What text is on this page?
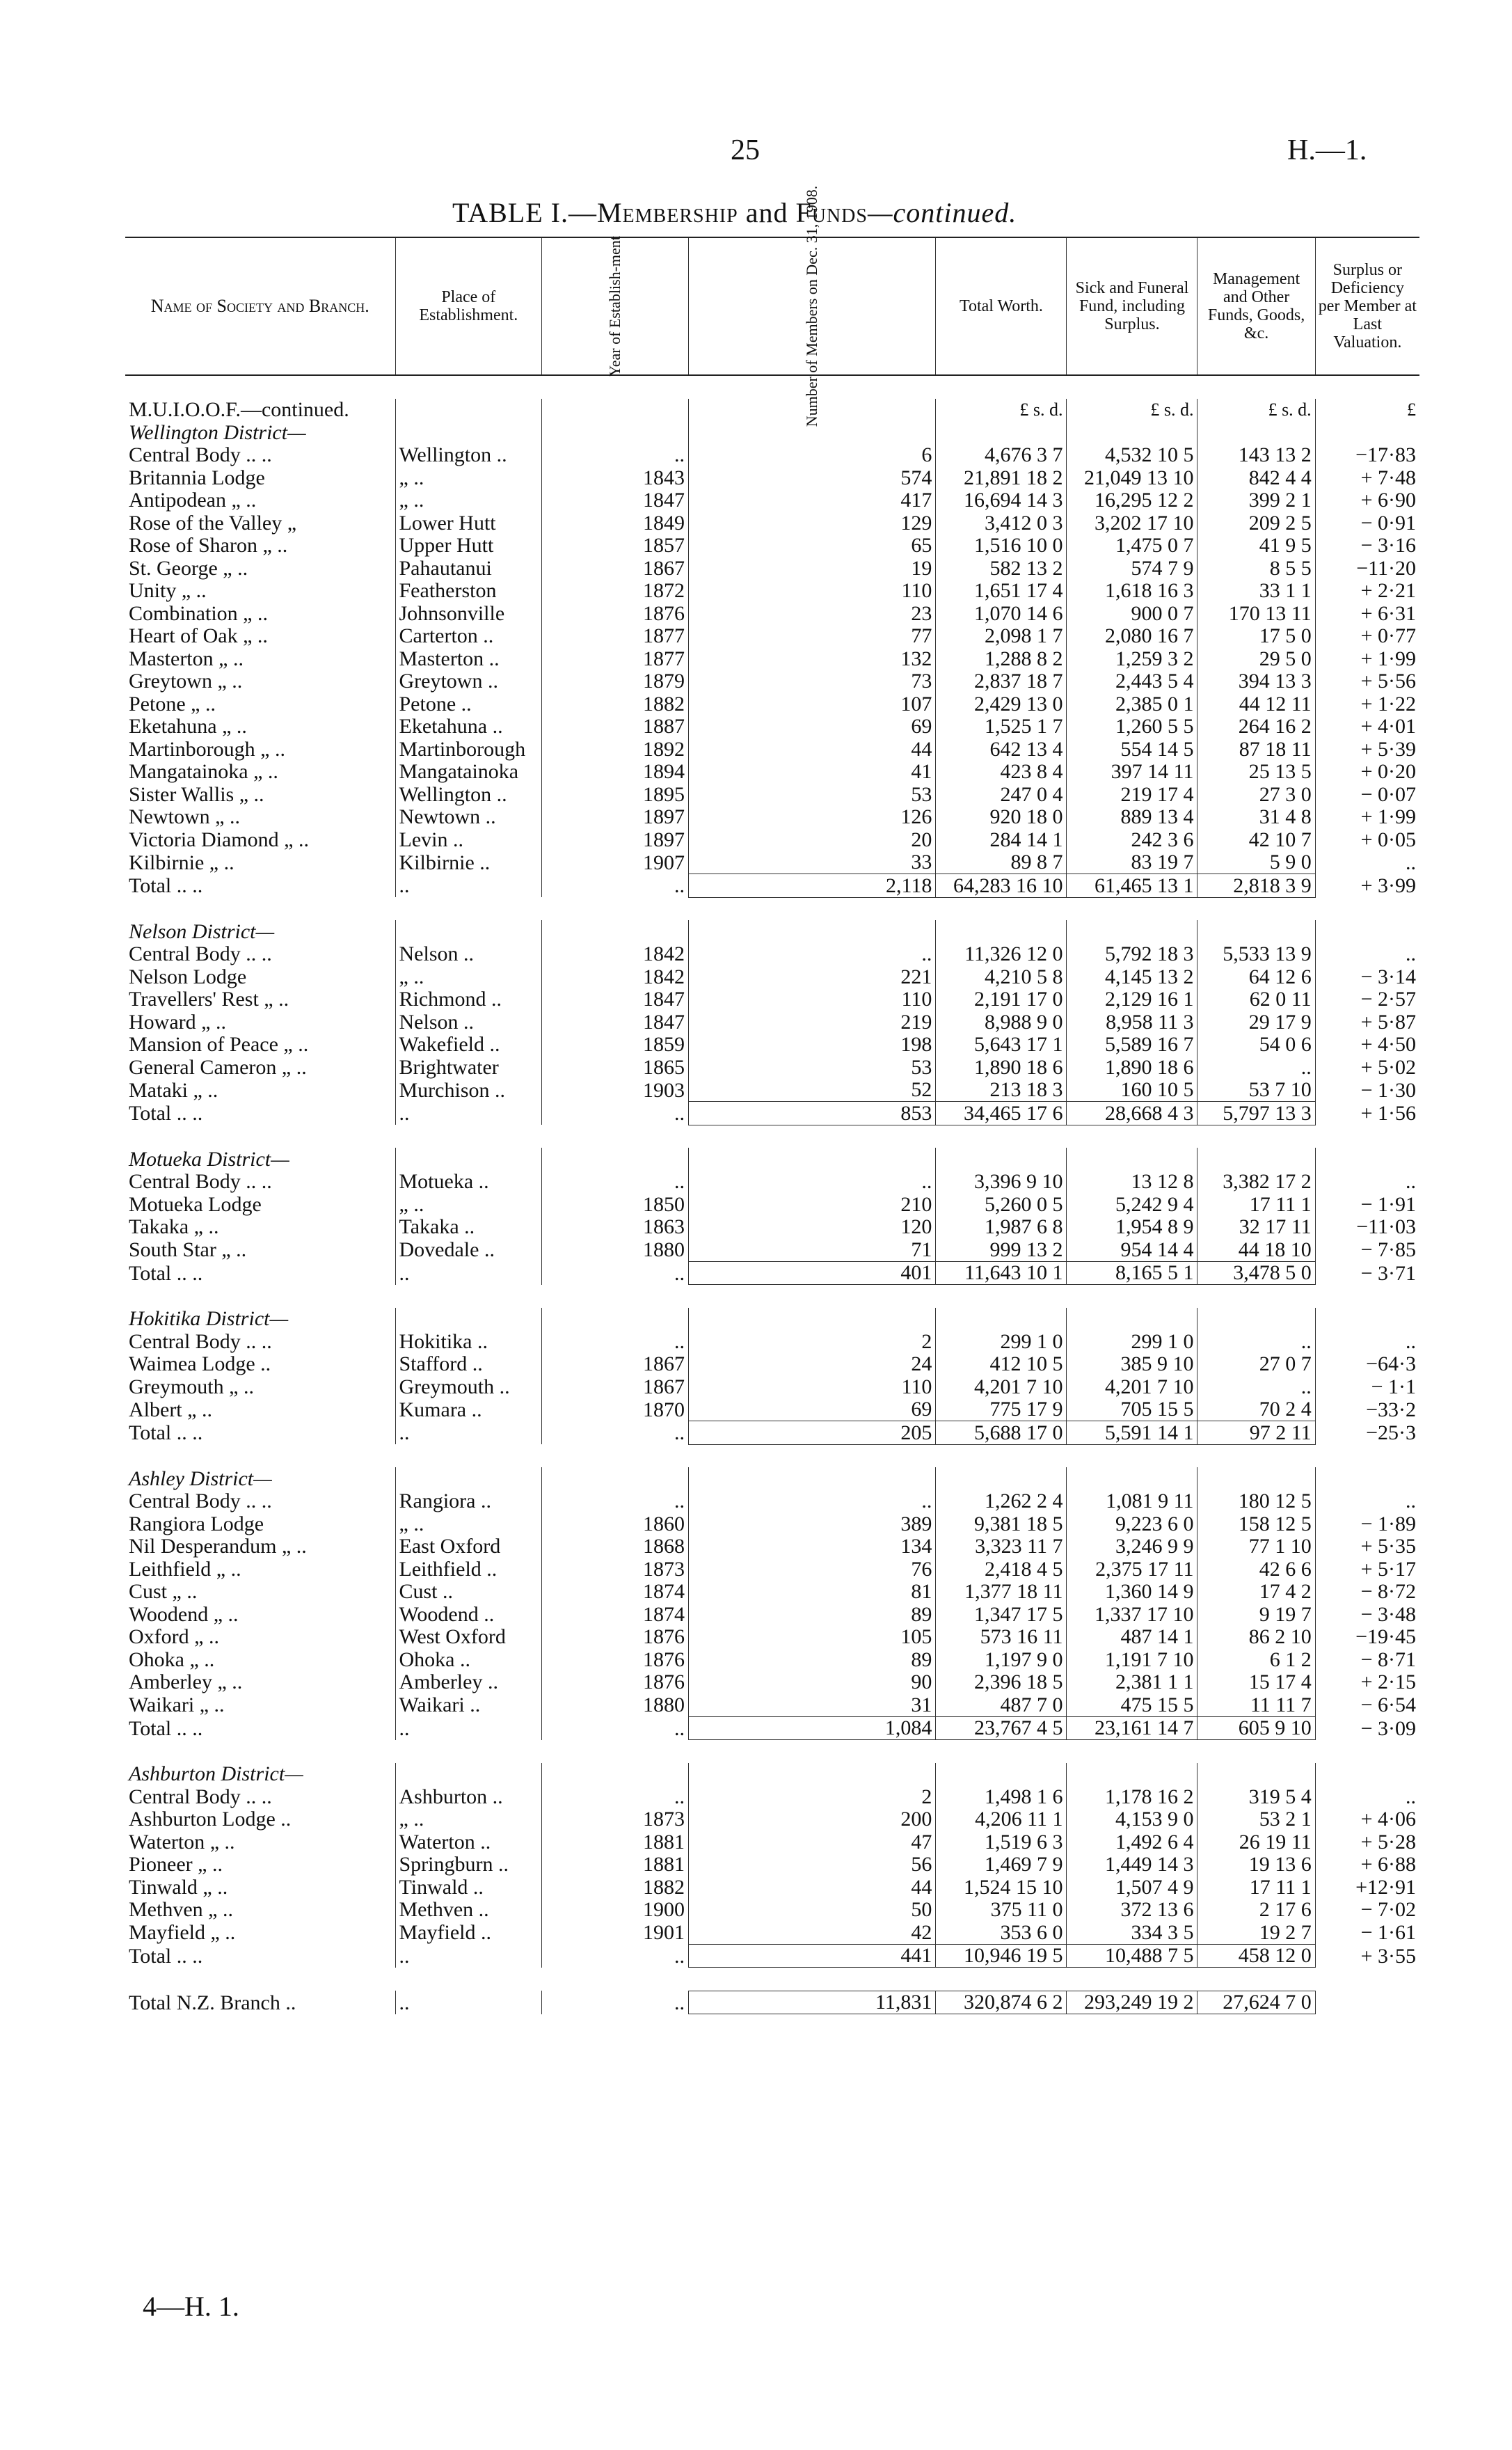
25	H.—1.
TABLE I.—Membership and Funds—continued.
Name of Society and Branch.	Place of Establishment.	Year of Establish-ment	Number of Members on Dec. 31, 1908.	Total Worth.	Sick and Funeral Fund, including Surplus.	Management and Other Funds, Goods, &c.	Surplus or Deficiency per Member at Last Valuation.

M.U.I.O.O.F.—continued.				£ s. d.	£ s. d.	£ s. d.	£
Wellington District—							
Central Body .. ..	Wellington ..	..	6	4,676 3 7	4,532 10 5	143 13 2	−17·83
Britannia Lodge	„ ..	1843	574	21,891 18 2	21,049 13 10	842 4 4	+ 7·48
Antipodean „ ..	„ ..	1847	417	16,694 14 3	16,295 12 2	399 2 1	+ 6·90
Rose of the Valley „	Lower Hutt	1849	129	3,412 0 3	3,202 17 10	209 2 5	− 0·91
Rose of Sharon „ ..	Upper Hutt	1857	65	1,516 10 0	1,475 0 7	41 9 5	− 3·16
St. George „ ..	Pahautanui	1867	19	582 13 2	574 7 9	8 5 5	−11·20
Unity „ ..	Featherston	1872	110	1,651 17 4	1,618 16 3	33 1 1	+ 2·21
Combination „ ..	Johnsonville	1876	23	1,070 14 6	900 0 7	170 13 11	+ 6·31
Heart of Oak „ ..	Carterton ..	1877	77	2,098 1 7	2,080 16 7	17 5 0	+ 0·77
Masterton „ ..	Masterton ..	1877	132	1,288 8 2	1,259 3 2	29 5 0	+ 1·99
Greytown „ ..	Greytown ..	1879	73	2,837 18 7	2,443 5 4	394 13 3	+ 5·56
Petone „ ..	Petone ..	1882	107	2,429 13 0	2,385 0 1	44 12 11	+ 1·22
Eketahuna „ ..	Eketahuna ..	1887	69	1,525 1 7	1,260 5 5	264 16 2	+ 4·01
Martinborough „ ..	Martinborough	1892	44	642 13 4	554 14 5	87 18 11	+ 5·39
Mangatainoka „ ..	Mangatainoka	1894	41	423 8 4	397 14 11	25 13 5	+ 0·20
Sister Wallis „ ..	Wellington ..	1895	53	247 0 4	219 17 4	27 3 0	− 0·07
Newtown „ ..	Newtown ..	1897	126	920 18 0	889 13 4	31 4 8	+ 1·99
Victoria Diamond „ ..	Levin ..	1897	20	284 14 1	242 3 6	42 10 7	+ 0·05
Kilbirnie „ ..	Kilbirnie ..	1907	33	89 8 7	83 19 7	5 9 0	..
Total .. ..	..	..	2,118	64,283 16 10	61,465 13 1	2,818 3 9	+ 3·99

Nelson District—							
Central Body .. ..	Nelson ..	1842	..	11,326 12 0	5,792 18 3	5,533 13 9	..
Nelson Lodge	„ ..	1842	221	4,210 5 8	4,145 13 2	64 12 6	− 3·14
Travellers' Rest „ ..	Richmond ..	1847	110	2,191 17 0	2,129 16 1	62 0 11	− 2·57
Howard „ ..	Nelson ..	1847	219	8,988 9 0	8,958 11 3	29 17 9	+ 5·87
Mansion of Peace „ ..	Wakefield ..	1859	198	5,643 17 1	5,589 16 7	54 0 6	+ 4·50
General Cameron „ ..	Brightwater	1865	53	1,890 18 6	1,890 18 6	..	+ 5·02
Mataki „ ..	Murchison ..	1903	52	213 18 3	160 10 5	53 7 10	− 1·30
Total .. ..	..	..	853	34,465 17 6	28,668 4 3	5,797 13 3	+ 1·56

Motueka District—							
Central Body .. ..	Motueka ..	..	..	3,396 9 10	13 12 8	3,382 17 2	..
Motueka Lodge	„ ..	1850	210	5,260 0 5	5,242 9 4	17 11 1	− 1·91
Takaka „ ..	Takaka ..	1863	120	1,987 6 8	1,954 8 9	32 17 11	−11·03
South Star „ ..	Dovedale ..	1880	71	999 13 2	954 14 4	44 18 10	− 7·85
Total .. ..	..	..	401	11,643 10 1	8,165 5 1	3,478 5 0	− 3·71

Hokitika District—							
Central Body .. ..	Hokitika ..	..	2	299 1 0	299 1 0	..	..
Waimea Lodge ..	Stafford ..	1867	24	412 10 5	385 9 10	27 0 7	−64·3
Greymouth „ ..	Greymouth ..	1867	110	4,201 7 10	4,201 7 10	..	− 1·1
Albert „ ..	Kumara ..	1870	69	775 17 9	705 15 5	70 2 4	−33·2
Total .. ..	..	..	205	5,688 17 0	5,591 14 1	97 2 11	−25·3

Ashley District—							
Central Body .. ..	Rangiora ..	..	..	1,262 2 4	1,081 9 11	180 12 5	..
Rangiora Lodge	„ ..	1860	389	9,381 18 5	9,223 6 0	158 12 5	− 1·89
Nil Desperandum „ ..	East Oxford	1868	134	3,323 11 7	3,246 9 9	77 1 10	+ 5·35
Leithfield „ ..	Leithfield ..	1873	76	2,418 4 5	2,375 17 11	42 6 6	+ 5·17
Cust „ ..	Cust ..	1874	81	1,377 18 11	1,360 14 9	17 4 2	− 8·72
Woodend „ ..	Woodend ..	1874	89	1,347 17 5	1,337 17 10	9 19 7	− 3·48
Oxford „ ..	West Oxford	1876	105	573 16 11	487 14 1	86 2 10	−19·45
Ohoka „ ..	Ohoka ..	1876	89	1,197 9 0	1,191 7 10	6 1 2	− 8·71
Amberley „ ..	Amberley ..	1876	90	2,396 18 5	2,381 1 1	15 17 4	+ 2·15
Waikari „ ..	Waikari ..	1880	31	487 7 0	475 15 5	11 11 7	− 6·54
Total .. ..	..	..	1,084	23,767 4 5	23,161 14 7	605 9 10	− 3·09

Ashburton District—							
Central Body .. ..	Ashburton ..	..	2	1,498 1 6	1,178 16 2	319 5 4	..
Ashburton Lodge ..	„ ..	1873	200	4,206 11 1	4,153 9 0	53 2 1	+ 4·06
Waterton „ ..	Waterton ..	1881	47	1,519 6 3	1,492 6 4	26 19 11	+ 5·28
Pioneer „ ..	Springburn ..	1881	56	1,469 7 9	1,449 14 3	19 13 6	+ 6·88
Tinwald „ ..	Tinwald ..	1882	44	1,524 15 10	1,507 4 9	17 11 1	+12·91
Methven „ ..	Methven ..	1900	50	375 11 0	372 13 6	2 17 6	− 7·02
Mayfield „ ..	Mayfield ..	1901	42	353 6 0	334 3 5	19 2 7	− 1·61
Total .. ..	..	..	441	10,946 19 5	10,488 7 5	458 12 0	+ 3·55

Total N.Z. Branch ..	..	..	11,831	320,874 6 2	293,249 19 2	27,624 7 0	
4—H. 1.
